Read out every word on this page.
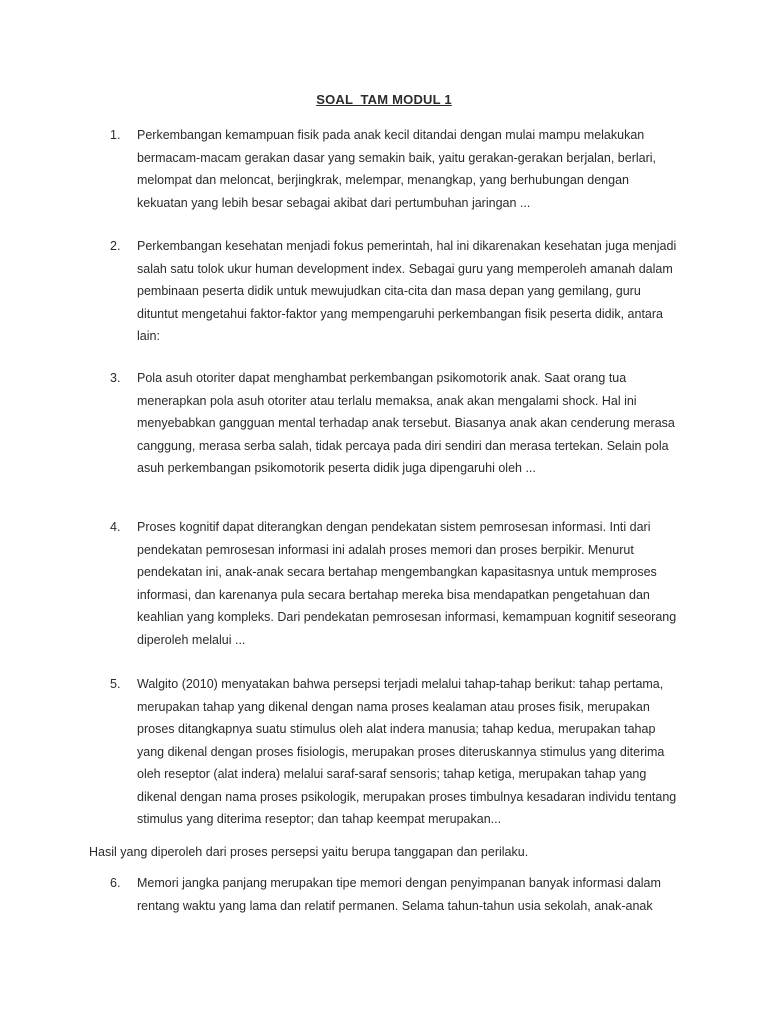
SOAL  TAM MODUL 1
1. Perkembangan kemampuan fisik pada anak kecil ditandai dengan mulai mampu melakukan
bermacam-macam gerakan dasar yang semakin baik, yaitu gerakan-gerakan berjalan, berlari,
melompat dan meloncat, berjingkrak, melempar, menangkap, yang berhubungan dengan
kekuatan yang lebih besar sebagai akibat dari pertumbuhan jaringan ...
2. Perkembangan kesehatan menjadi fokus pemerintah, hal ini dikarenakan kesehatan juga menjadi
salah satu tolok ukur human development index. Sebagai guru yang memperoleh amanah dalam
pembinaan peserta didik untuk mewujudkan cita-cita dan masa depan yang gemilang, guru
dituntut mengetahui faktor-faktor yang mempengaruhi perkembangan fisik peserta didik, antara
lain:
3. Pola asuh otoriter dapat menghambat perkembangan psikomotorik anak. Saat orang tua
menerapkan pola asuh otoriter atau terlalu memaksa, anak akan mengalami shock. Hal ini
menyebabkan gangguan mental terhadap anak tersebut. Biasanya anak akan cenderung merasa
canggung, merasa serba salah, tidak percaya pada diri sendiri dan merasa tertekan. Selain pola
asuh perkembangan psikomotorik peserta didik juga dipengaruhi oleh ...
4. Proses kognitif dapat diterangkan dengan pendekatan sistem pemrosesan informasi. Inti dari
pendekatan pemrosesan informasi ini adalah proses memori dan proses berpikir. Menurut
pendekatan ini, anak-anak secara bertahap mengembangkan kapasitasnya untuk memproses
informasi, dan karenanya pula secara bertahap mereka bisa mendapatkan pengetahuan dan
keahlian yang kompleks. Dari pendekatan pemrosesan informasi, kemampuan kognitif seseorang
diperoleh melalui ...
5. Walgito (2010) menyatakan bahwa persepsi terjadi melalui tahap-tahap berikut: tahap pertama,
merupakan tahap yang dikenal dengan nama proses kealaman atau proses fisik, merupakan
proses ditangkapnya suatu stimulus oleh alat indera manusia; tahap kedua, merupakan tahap
yang dikenal dengan proses fisiologis, merupakan proses diteruskannya stimulus yang diterima
oleh reseptor (alat indera) melalui saraf-saraf sensoris; tahap ketiga, merupakan tahap yang
dikenal dengan nama proses psikologik, merupakan proses timbulnya kesadaran individu tentang
stimulus yang diterima reseptor; dan tahap keempat merupakan...
Hasil yang diperoleh dari proses persepsi yaitu berupa tanggapan dan perilaku.
6. Memori jangka panjang merupakan tipe memori dengan penyimpanan banyak informasi dalam
rentang waktu yang lama dan relatif permanen. Selama tahun-tahun usia sekolah, anak-anak
